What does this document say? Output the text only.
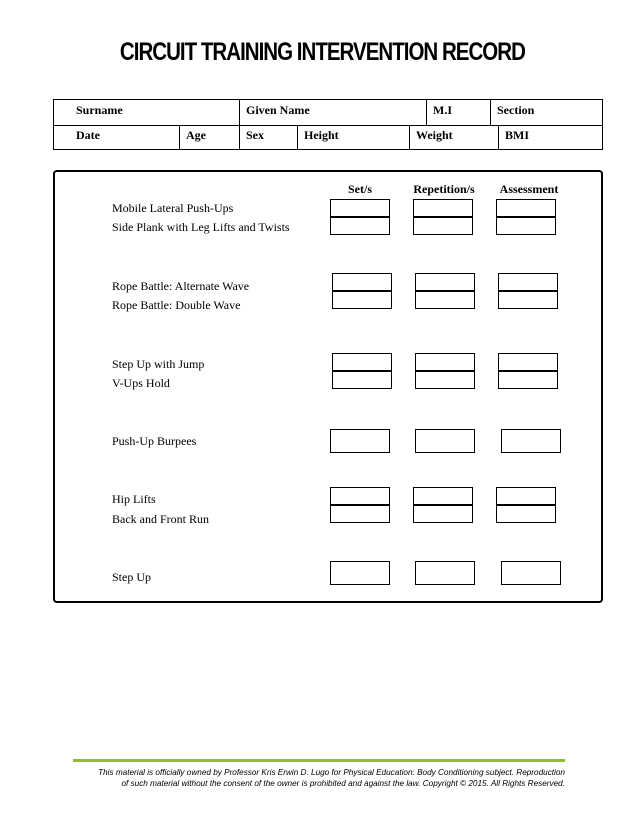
CIRCUIT TRAINING INTERVENTION RECORD
Surname	Given Name	M.I	Section
Date	Age	Sex	Height	Weight	BMI
Set/s	Repetition/s	Assessment
Mobile Lateral Push-Ups
Side Plank with Leg Lifts and Twists
Rope Battle: Alternate Wave
Rope Battle: Double Wave
Step Up with Jump
V-Ups Hold
Push-Up Burpees
Hip Lifts
Back and Front Run
Step Up
This material is officially owned by Professor Kris Erwin D. Lugo for Physical Education: Body Conditioning subject. Reproduction
of such material without the consent of the owner is prohibited and against the law. Copyright © 2015. All Rights Reserved.
